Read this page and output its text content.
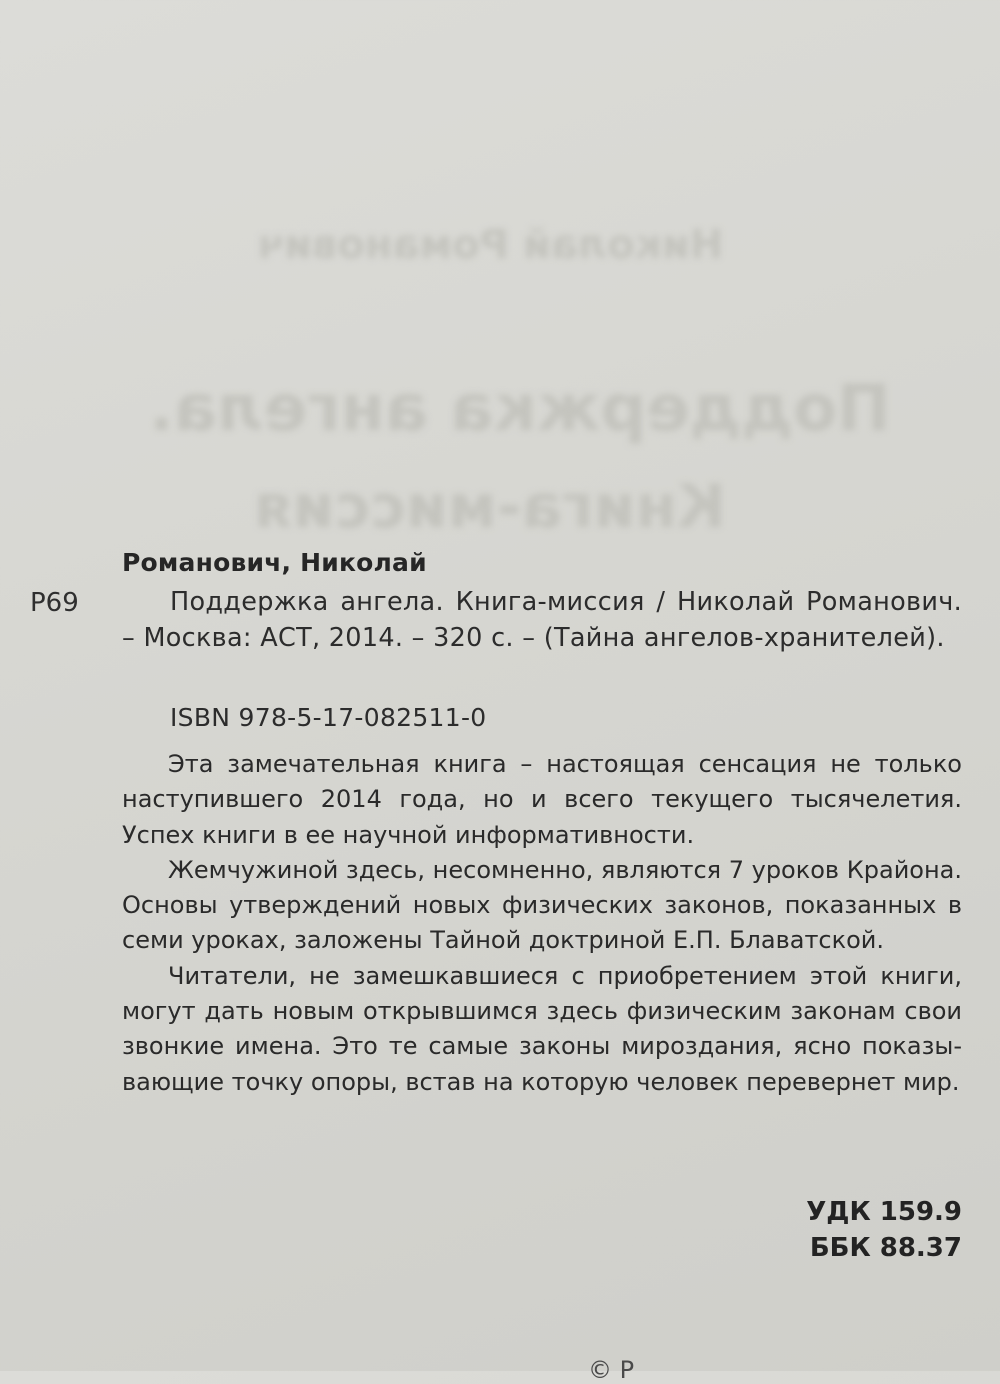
Николай Романович
Поддержка ангела.
Книга-миссия
Романович, Николай
Р69	Поддержка ангела. Книга-миссия / Николай Романович. – Москва: АСТ, 2014. – 320 с. – (Тайна ангелов-хранителей).
ISBN 978-5-17-082511-0

Эта замечательная книга – настоящая сенсация не только наступившего 2014 года, но и всего текущего тысячелетия. Успех книги в ее научной информативности.

Жемчужиной здесь, несомненно, являются 7 уроков Крайона. Основы утверждений новых физических законов, показанных в семи уроках, заложены Тайной доктриной Е.П. Блаватской.

Читатели, не замешкавшиеся с приобретением этой книги, могут дать новым открывшимся здесь физическим законам свои звонкие имена. Это те самые законы мироздания, ясно показывающие точку опоры, встав на которую человек перевернет мир.

УДК 159.9
ББК 88.37
© Р
